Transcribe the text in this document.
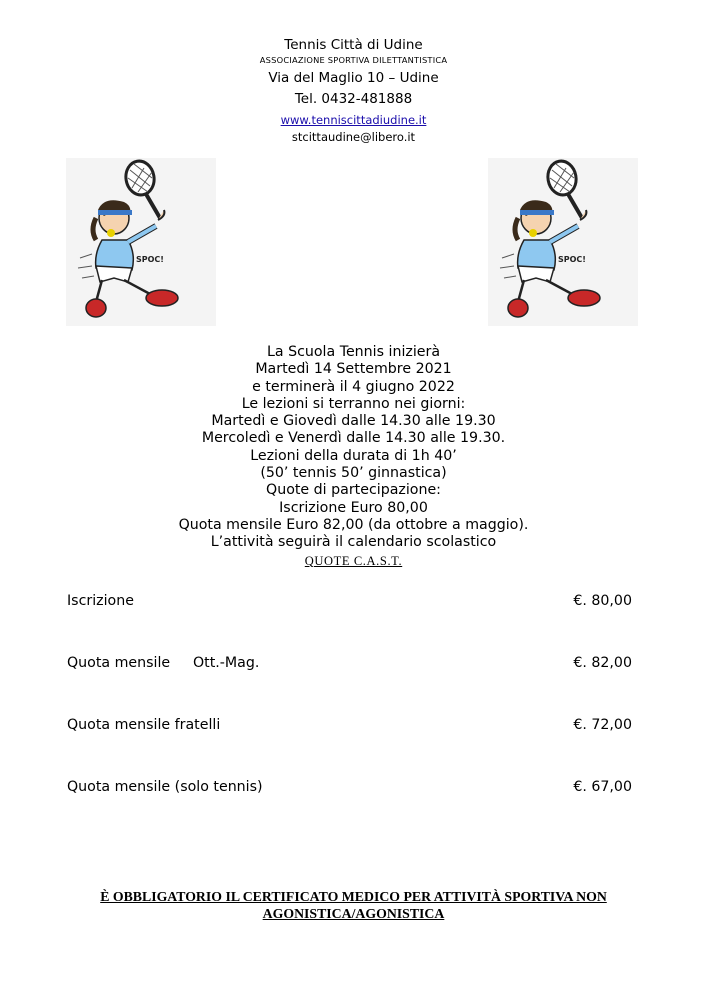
Tennis Città di Udine
ASSOCIAZIONE SPORTIVA DILETTANTISTICA
Via del Maglio 10 – Udine
Tel. 0432-481888
www.tenniscittadiudine.it
stcittaudine@libero.it
SPOC!	SPOC!
La Scuola Tennis inizierà
Martedì 14 Settembre 2021
e terminerà il 4 giugno 2022
Le lezioni si terranno nei giorni:
Martedì e Giovedì dalle 14.30 alle 19.30
Mercoledì e Venerdì dalle 14.30 alle 19.30.
Lezioni della durata di 1h 40’
(50’ tennis 50’ ginnastica)
Quote di partecipazione:
Iscrizione Euro 80,00
Quota mensile Euro 82,00 (da ottobre a maggio).
L’attività seguirà il calendario scolastico
QUOTE C.A.S.T.
Iscrizione	€. 80,00
Quota mensile Ott.-Mag.	€. 82,00
Quota mensile fratelli	€. 72,00
Quota mensile (solo tennis)	€. 67,00
È OBBLIGATORIO IL CERTIFICATO MEDICO PER ATTIVITÀ SPORTIVA NON
AGONISTICA/AGONISTICA
